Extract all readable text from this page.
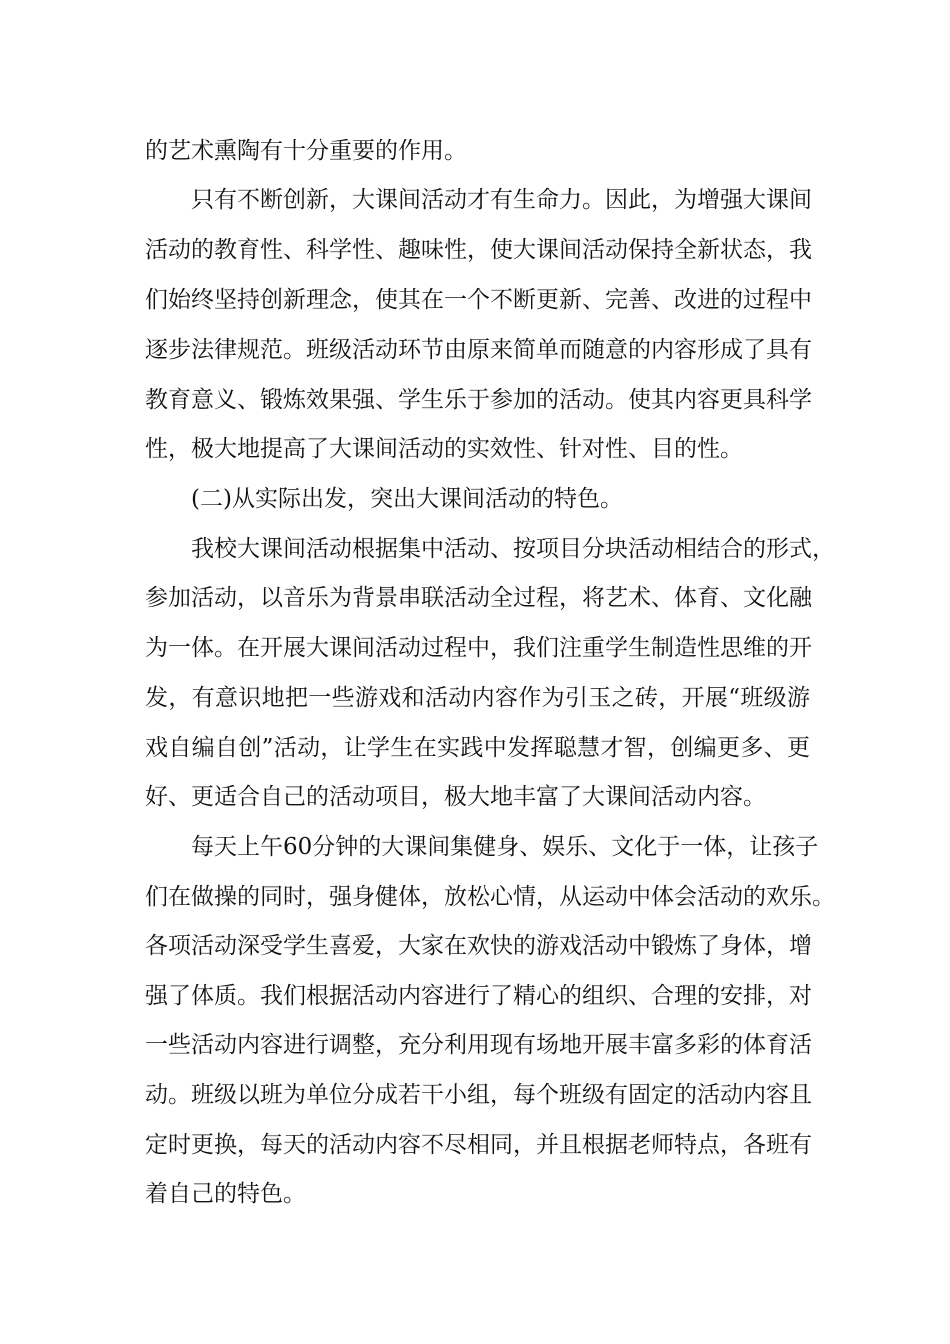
的艺术熏陶有十分重要的作用。
只有不断创新，大课间活动才有生命力。因此，为增强大课间
活动的教育性、科学性、趣味性，使大课间活动保持全新状态，我
们始终坚持创新理念，使其在一个不断更新、完善、改进的过程中
逐步法律规范。班级活动环节由原来简单而随意的内容形成了具有
教育意义、锻炼效果强、学生乐于参加的活动。使其内容更具科学
性，极大地提高了大课间活动的实效性、针对性、目的性。
(二)从实际出发，突出大课间活动的特色。
我校大课间活动根据集中活动、按项目分块活动相结合的形式，
参加活动，以音乐为背景串联活动全过程，将艺术、体育、文化融
为一体。在开展大课间活动过程中，我们注重学生制造性思维的开
发，有意识地把一些游戏和活动内容作为引玉之砖，开展“班级游
戏自编自创”活动，让学生在实践中发挥聪慧才智，创编更多、更
好、更适合自己的活动项目，极大地丰富了大课间活动内容。
每天上午60分钟的大课间集健身、娱乐、文化于一体，让孩子
们在做操的同时，强身健体，放松心情，从运动中体会活动的欢乐。
各项活动深受学生喜爱，大家在欢快的游戏活动中锻炼了身体，增
强了体质。我们根据活动内容进行了精心的组织、合理的安排，对
一些活动内容进行调整，充分利用现有场地开展丰富多彩的体育活
动。班级以班为单位分成若干小组，每个班级有固定的活动内容且
定时更换，每天的活动内容不尽相同，并且根据老师特点，各班有
着自己的特色。
